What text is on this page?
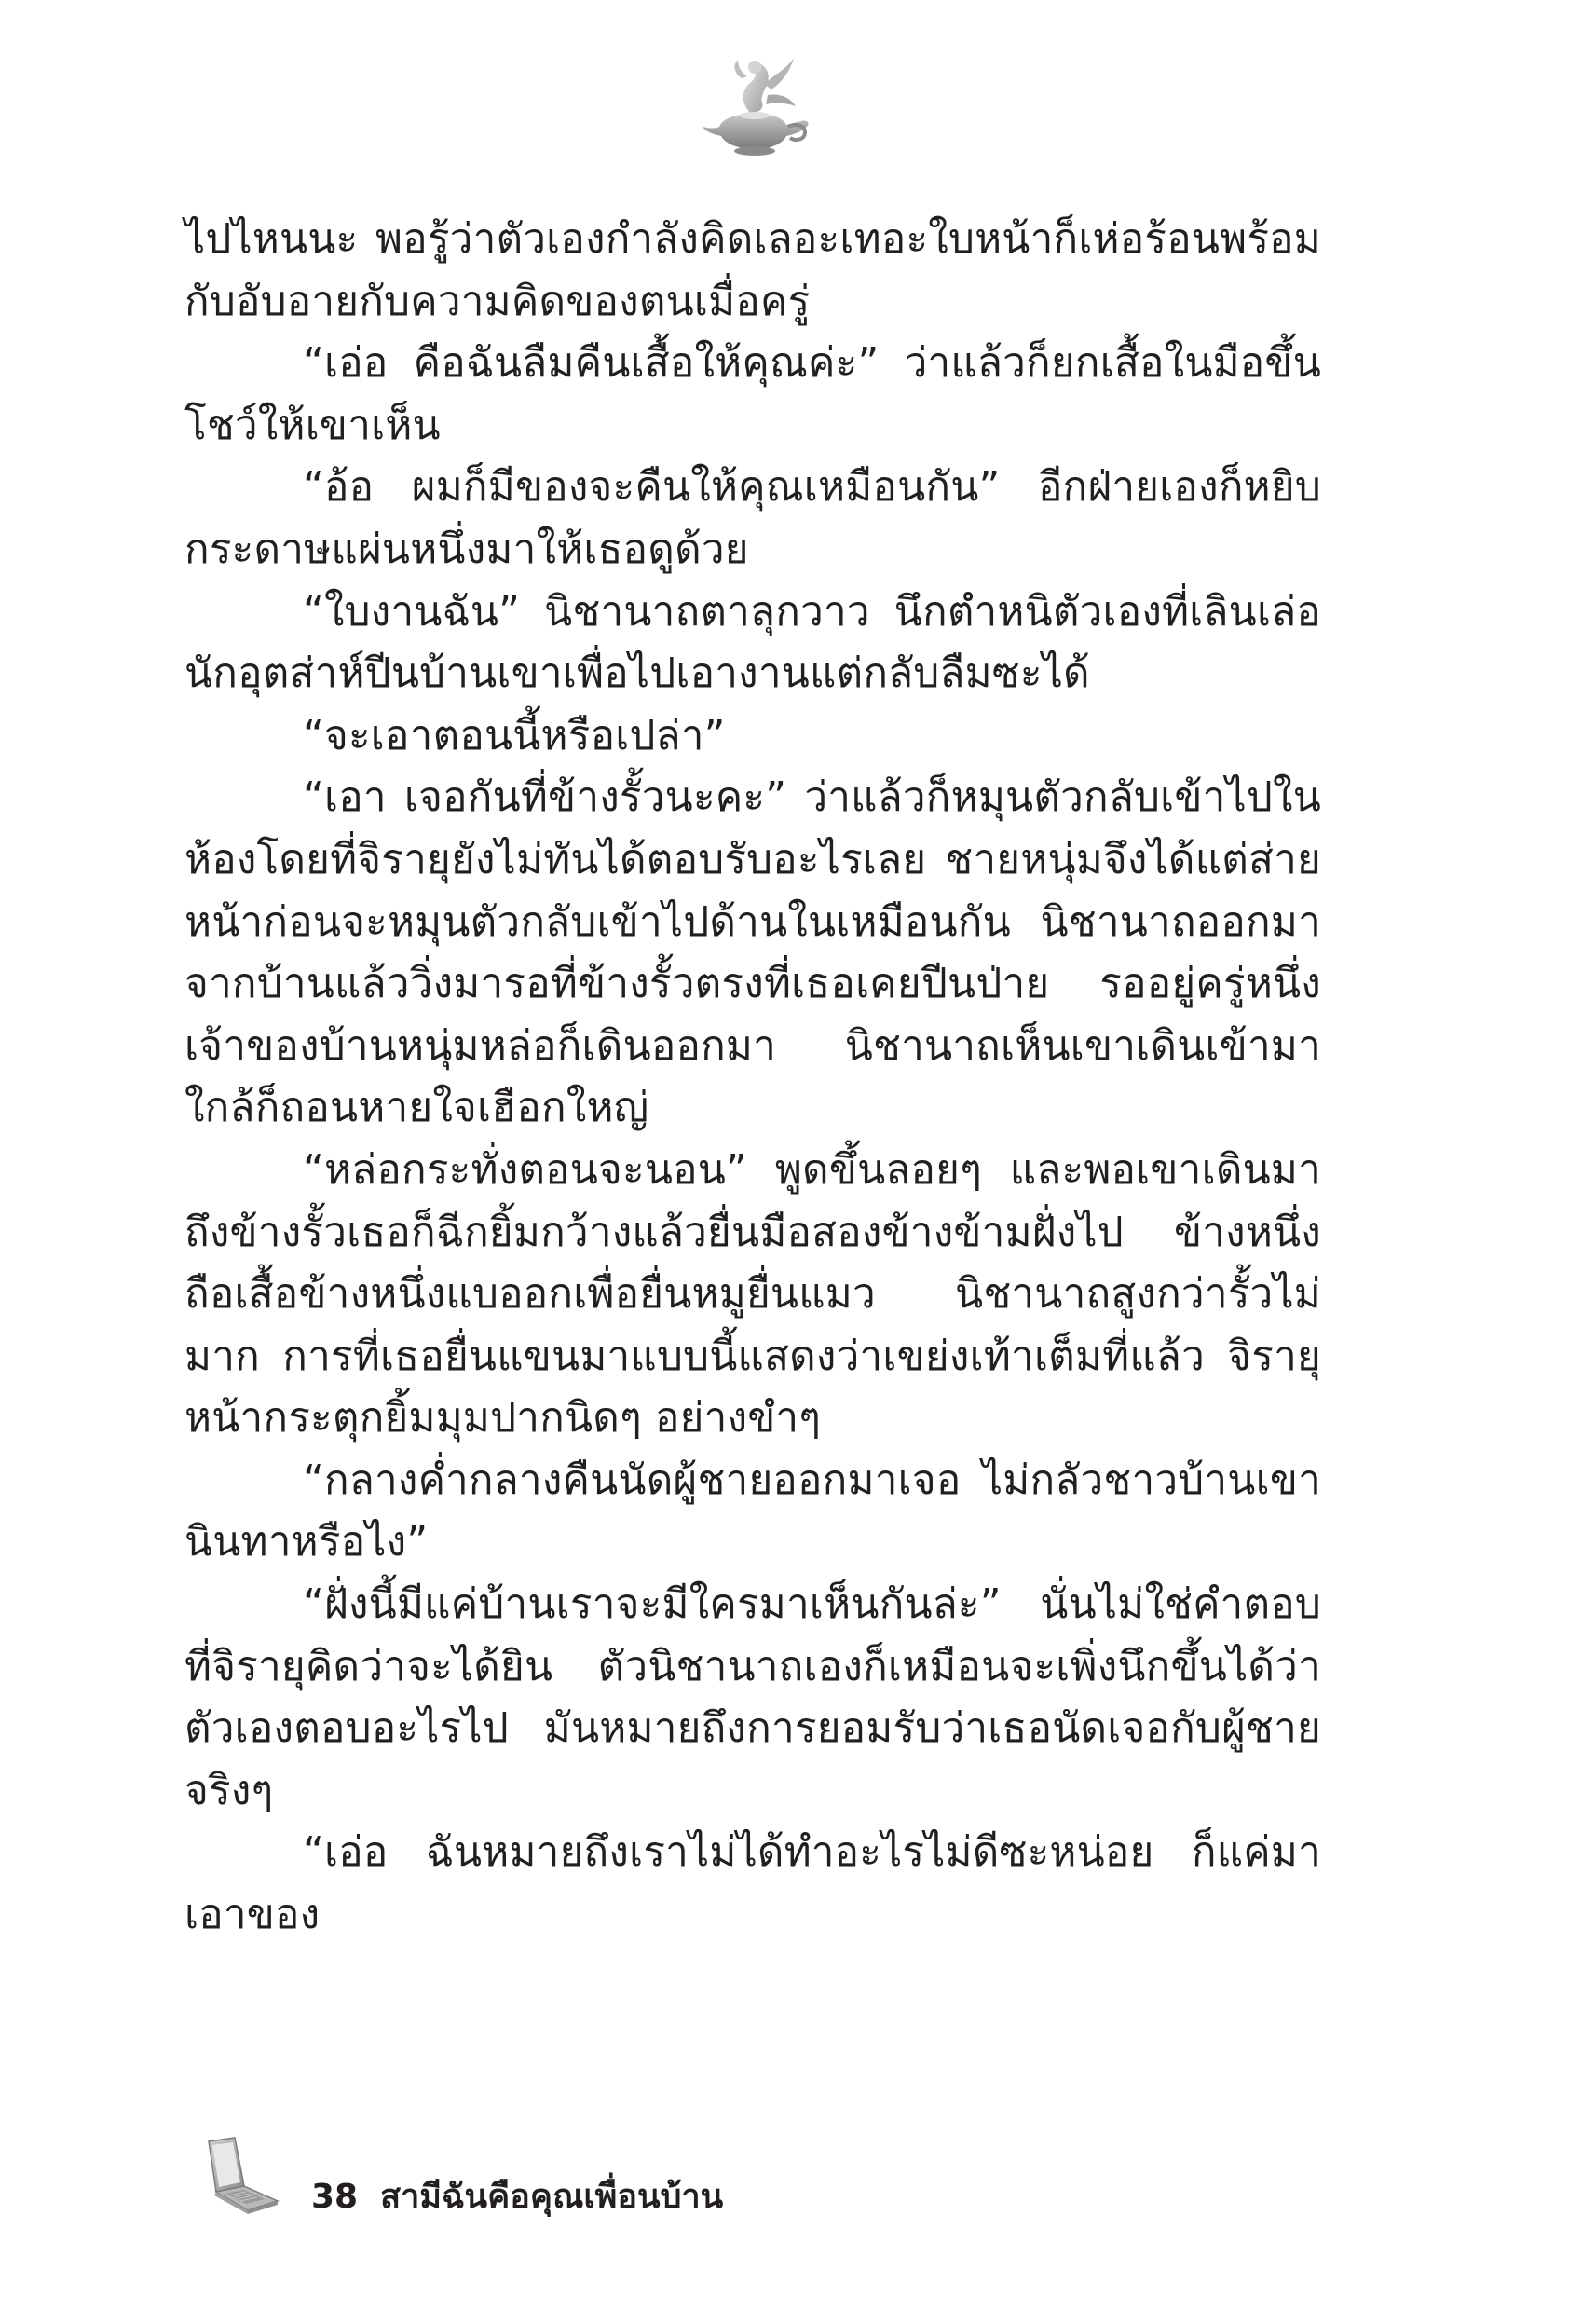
ไปไหนนะ พอรู้ว่าตัวเองกำลังคิดเลอะเทอะใบหน้าก็เห่อร้อนพร้อมกับอับอายกับความคิดของตนเมื่อครู่

“เอ่อ คือฉันลืมคืนเสื้อให้คุณค่ะ” ว่าแล้วก็ยกเสื้อในมือขึ้นโชว์ให้เขาเห็น

“อ้อ ผมก็มีของจะคืนให้คุณเหมือนกัน” อีกฝ่ายเองก็หยิบกระดาษแผ่นหนึ่งมาให้เธอดูด้วย

“ใบงานฉัน” นิชานาถตาลุกวาว นึกตำหนิตัวเองที่เลินเล่อนักอุตส่าห์ปีนบ้านเขาเพื่อไปเอางานแต่กลับลืมซะได้

“จะเอาตอนนี้หรือเปล่า”

“เอา เจอกันที่ข้างรั้วนะคะ” ว่าแล้วก็หมุนตัวกลับเข้าไปในห้องโดยที่จิรายุยังไม่ทันได้ตอบรับอะไรเลย ชายหนุ่มจึงได้แต่ส่ายหน้าก่อนจะหมุนตัวกลับเข้าไปด้านในเหมือนกัน นิชานาถออกมาจากบ้านแล้ววิ่งมารอที่ข้างรั้วตรงที่เธอเคยปีนป่าย รออยู่ครู่หนึ่งเจ้าของบ้านหนุ่มหล่อก็เดินออกมา นิชานาถเห็นเขาเดินเข้ามาใกล้ก็ถอนหายใจเฮือกใหญ่

“หล่อกระทั่งตอนจะนอน” พูดขึ้นลอยๆ และพอเขาเดินมาถึงข้างรั้วเธอก็ฉีกยิ้มกว้างแล้วยื่นมือสองข้างข้ามฝั่งไป ข้างหนึ่งถือเสื้อข้างหนึ่งแบออกเพื่อยื่นหมูยื่นแมว นิชานาถสูงกว่ารั้วไม่มาก การที่เธอยื่นแขนมาแบบนี้แสดงว่าเขย่งเท้าเต็มที่แล้ว จิรายุหน้ากระตุกยิ้มมุมปากนิดๆ อย่างขำๆ

“กลางค่ำกลางคืนนัดผู้ชายออกมาเจอ ไม่กลัวชาวบ้านเขานินทาหรือไง”

“ฝั่งนี้มีแค่บ้านเราจะมีใครมาเห็นกันล่ะ” นั่นไม่ใช่คำตอบที่จิรายุคิดว่าจะได้ยิน ตัวนิชานาถเองก็เหมือนจะเพิ่งนึกขึ้นได้ว่าตัวเองตอบอะไรไป มันหมายถึงการยอมรับว่าเธอนัดเจอกับผู้ชายจริงๆ

“เอ่อ ฉันหมายถึงเราไม่ได้ทำอะไรไม่ดีซะหน่อย ก็แค่มาเอาของ

38 สามีฉันคือคุณเพื่อนบ้าน
